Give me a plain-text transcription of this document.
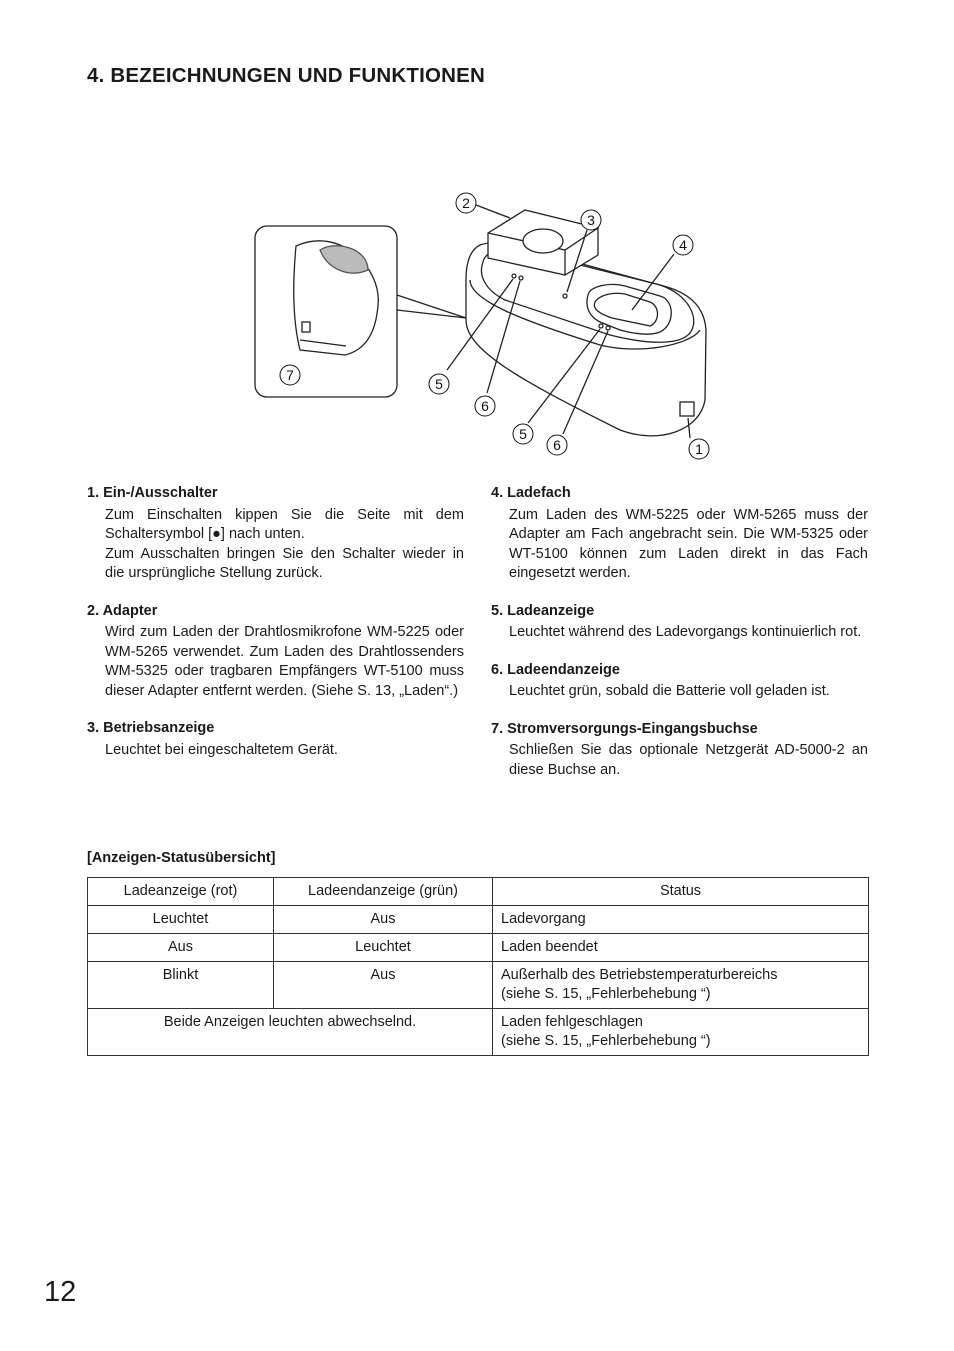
4. BEZEICHNUNGEN UND FUNKTIONEN
2
3
4
7
5
6
5
6	1
1. Ein-/Ausschalter

Zum Einschalten kippen Sie die Seite mit dem Schaltersymbol [●] nach unten.

Zum Ausschalten bringen Sie den Schalter wieder in die ursprüngliche Stellung zurück.

2. Adapter

Wird zum Laden der Drahtlosmikrofone WM-5225 oder WM-5265 verwendet. Zum Laden des Drahtlossenders WM-5325 oder tragbaren Empfängers WT-5100 muss dieser Adapter entfernt werden. (Siehe S. 13, „Laden“.)

3. Betriebsanzeige

Leuchtet bei eingeschaltetem Gerät.

4. Ladefach

Zum Laden des WM-5225 oder WM-5265 muss der Adapter am Fach angebracht sein. Die WM-5325 oder WT-5100 können zum Laden direkt in das Fach eingesetzt werden.

5. Ladeanzeige

Leuchtet während des Ladevorgangs kontinuierlich rot.

6. Ladeendanzeige

Leuchtet grün, sobald die Batterie voll geladen ist.

7. Stromversorgungs-Eingangsbuchse

Schließen Sie das optionale Netzgerät AD-5000-2 an diese Buchse an.

[Anzeigen-Statusübersicht]
Ladeanzeige (rot)	Ladeendanzeige (grün)	Status
Leuchtet	Aus	Ladevorgang
Aus	Leuchtet	Laden beendet
Blinkt	Aus	Außerhalb des Betriebstemperaturbereichs
(siehe S. 15, „Fehlerbehebung “)

Beide Anzeigen leuchten abwechselnd.		Laden fehlgeschlagen
(siehe S. 15, „Fehlerbehebung “)
12
